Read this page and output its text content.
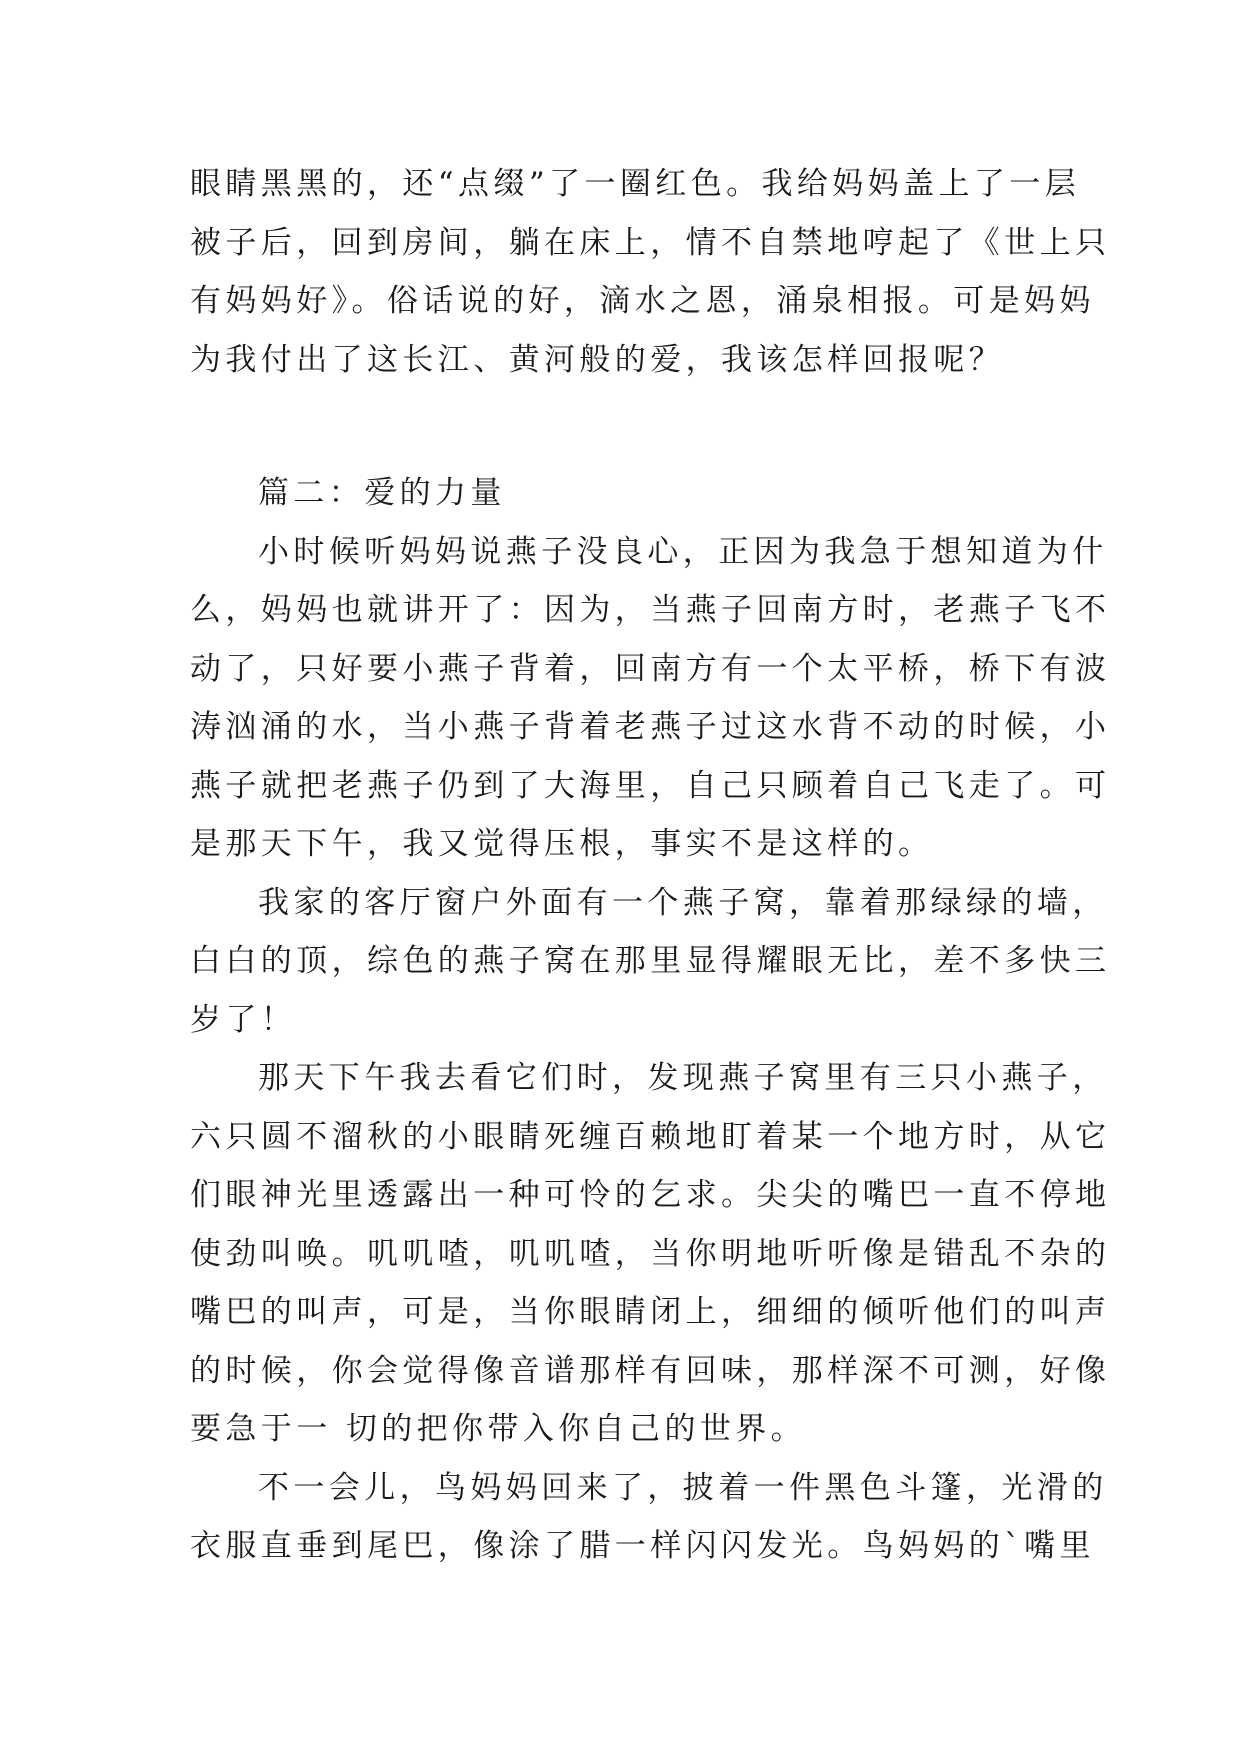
眼睛黑黑的，还“点缀”了一圈红色。我给妈妈盖上了一层
被子后，回到房间，躺在床上，情不自禁地哼起了《世上只
有妈妈好》。俗话说的好，滴水之恩，涌泉相报。可是妈妈
为我付出了这长江、黄河般的爱，我该怎样回报呢？
篇二：爱的力量
小时候听妈妈说燕子没良心，正因为我急于想知道为什
么，妈妈也就讲开了：因为，当燕子回南方时，老燕子飞不
动了，只好要小燕子背着，回南方有一个太平桥，桥下有波
涛汹涌的水，当小燕子背着老燕子过这水背不动的时候，小
燕子就把老燕子仍到了大海里，自己只顾着自己飞走了。可
是那天下午，我又觉得压根，事实不是这样的。
我家的客厅窗户外面有一个燕子窝，靠着那绿绿的墙，
白白的顶，综色的燕子窝在那里显得耀眼无比，差不多快三
岁了！
那天下午我去看它们时，发现燕子窝里有三只小燕子，
六只圆不溜秋的小眼睛死缠百赖地盯着某一个地方时，从它
们眼神光里透露出一种可怜的乞求。尖尖的嘴巴一直不停地
使劲叫唤。叽叽喳，叽叽喳，当你明地听听像是错乱不杂的
嘴巴的叫声，可是，当你眼睛闭上，细细的倾听他们的叫声
的时候，你会觉得像音谱那样有回味，那样深不可测，好像
要急于一 切的把你带入你自己的世界。
不一会儿，鸟妈妈回来了，披着一件黑色斗篷，光滑的
衣服直垂到尾巴，像涂了腊一样闪闪发光。鸟妈妈的`嘴里
